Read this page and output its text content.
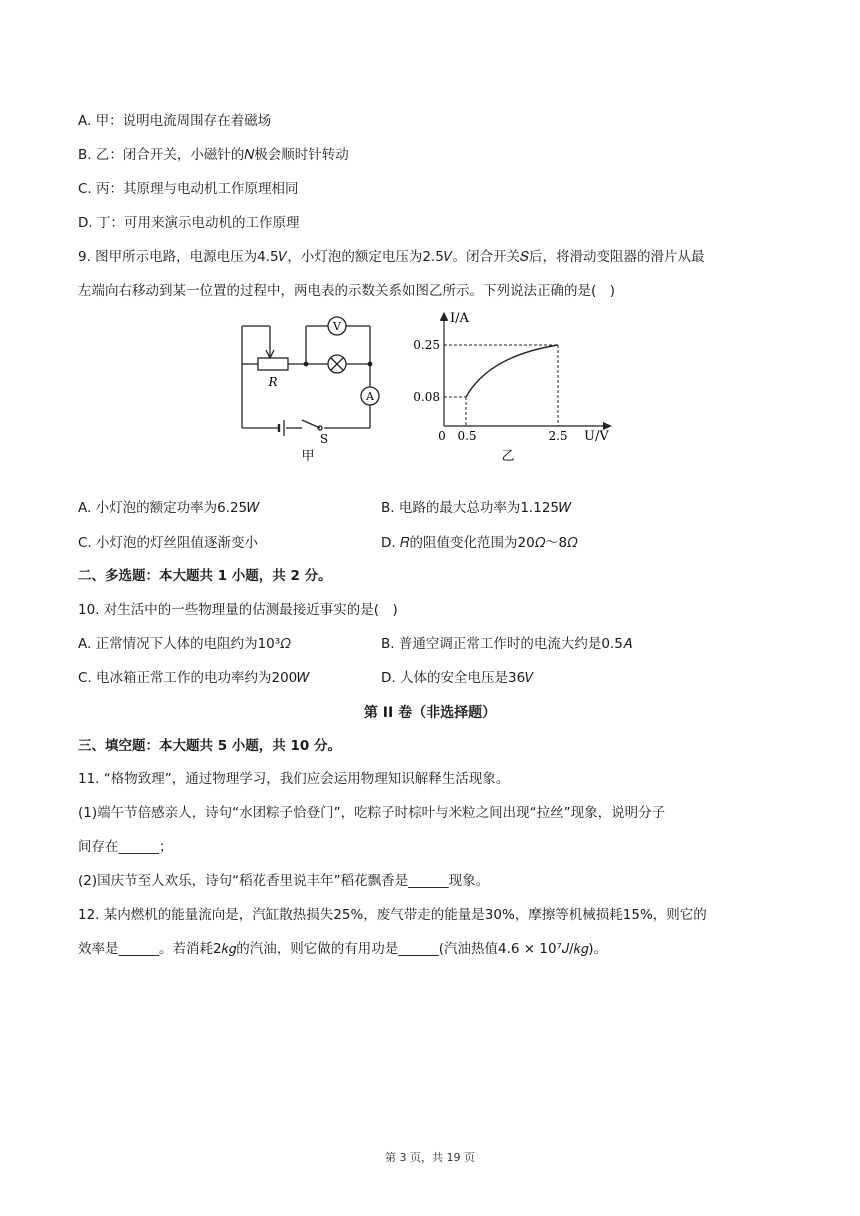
A. 甲：说明电流周围存在着磁场
B. 乙：闭合开关，小磁针的𝑁极会顺时针转动
C. 丙：其原理与电动机工作原理相同
D. 丁：可用来演示电动机的工作原理
9. 图甲所示电路，电源电压为4.5𝑉，小灯泡的额定电压为2.5𝑉。闭合开关𝑆后，将滑动变阻器的滑片从最
左端向右移动到某一位置的过程中，两电表的示数关系如图乙所示。下列说法正确的是(　)
R
V
A
S
甲
I/A
U/V
0.25
0.08
0 0.5	2.5
乙
A. 小灯泡的额定功率为6.25𝑊	B. 电路的最大总功率为1.125𝑊
C. 小灯泡的灯丝阻值逐渐变小	D. 𝑅的阻值变化范围为20𝛺～8𝛺
二、多选题：本大题共 1 小题，共 2 分。
10. 对生活中的一些物理量的估测最接近事实的是(　)
A. 正常情况下人体的电阻约为10³𝛺	B. 普通空调正常工作时的电流大约是0.5𝐴
C. 电冰箱正常工作的电功率约为200𝑊	D. 人体的安全电压是36𝑉
第 II 卷（非选择题）
三、填空题：本大题共 5 小题，共 10 分。
11. “格物致理”，通过物理学习，我们应会运用物理知识解释生活现象。
(1)端午节倍感亲人，诗句“水团粽子恰登门”，吃粽子时棕叶与米粒之间出现“拉丝”现象，说明分子
间存在______；
(2)国庆节至人欢乐，诗句“稻花香里说丰年”稻花飘香是______现象。
12. 某内燃机的能量流向是，汽缸散热损失25%，废气带走的能量是30%，摩擦等机械损耗15%，则它的
效率是______。若消耗2𝑘𝑔的汽油，则它做的有用功是______(汽油热值4.6 × 10⁷𝐽/𝑘𝑔)。
第 3 页，共 19 页
